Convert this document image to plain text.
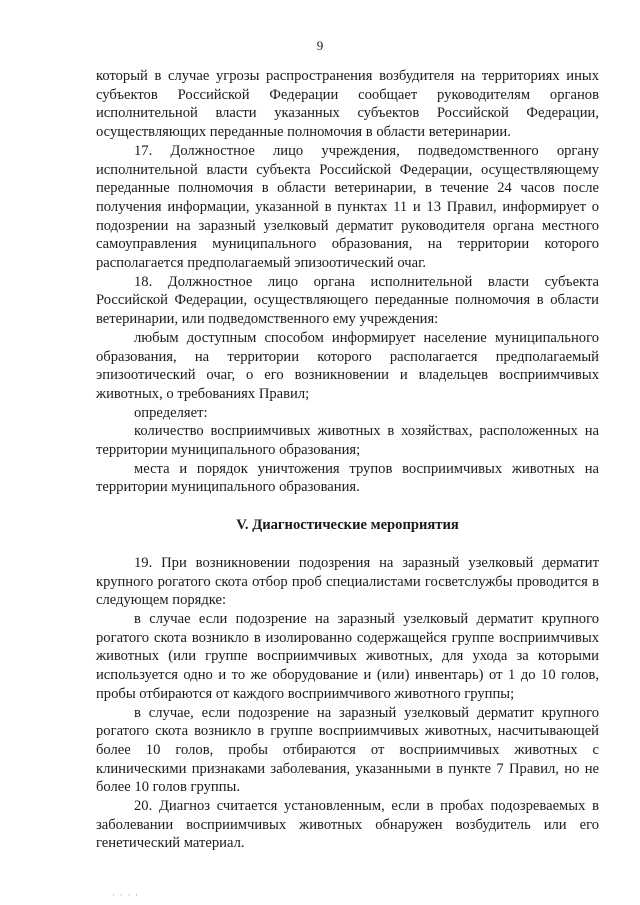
9

который в случае угрозы распространения возбудителя на территориях иных субъектов Российской Федерации сообщает руководителям органов исполнительной власти указанных субъектов Российской Федерации, осуществляющих переданные полномочия в области ветеринарии.

17. Должностное лицо учреждения, подведомственного органу исполнительной власти субъекта Российской Федерации, осуществляющему переданные полномочия в области ветеринарии, в течение 24 часов после получения информации, указанной в пунктах 11 и 13 Правил, информирует о подозрении на заразный узелковый дерматит руководителя органа местного самоуправления муниципального образования, на территории которого располагается предполагаемый эпизоотический очаг.

18. Должностное лицо органа исполнительной власти субъекта Российской Федерации, осуществляющего переданные полномочия в области ветеринарии, или подведомственного ему учреждения:

любым доступным способом информирует население муниципального образования, на территории которого располагается предполагаемый эпизоотический очаг, о его возникновении и владельцев восприимчивых животных, о требованиях Правил;

определяет:

количество восприимчивых животных в хозяйствах, расположенных на территории муниципального образования;

места и порядок уничтожения трупов восприимчивых животных на территории муниципального образования.

V. Диагностические мероприятия

19. При возникновении подозрения на заразный узелковый дерматит крупного рогатого скота отбор проб специалистами госветслужбы проводится в следующем порядке:

в случае если подозрение на заразный узелковый дерматит крупного рогатого скота возникло в изолированно содержащейся группе восприимчивых животных (или группе восприимчивых животных, для ухода за которыми используется одно и то же оборудование и (или) инвентарь) от 1 до 10 голов, пробы отбираются от каждого восприимчивого животного группы;

в случае, если подозрение на заразный узелковый дерматит крупного рогатого скота возникло в группе восприимчивых животных, насчитывающей более 10 голов, пробы отбираются от восприимчивых животных с клиническими признаками заболевания, указанными в пункте 7 Правил, но не более 10 голов группы.

20. Диагноз считается установленным, если в пробах подозреваемых в заболевании восприимчивых животных обнаружен возбудитель или его генетический материал.

· · · ·
